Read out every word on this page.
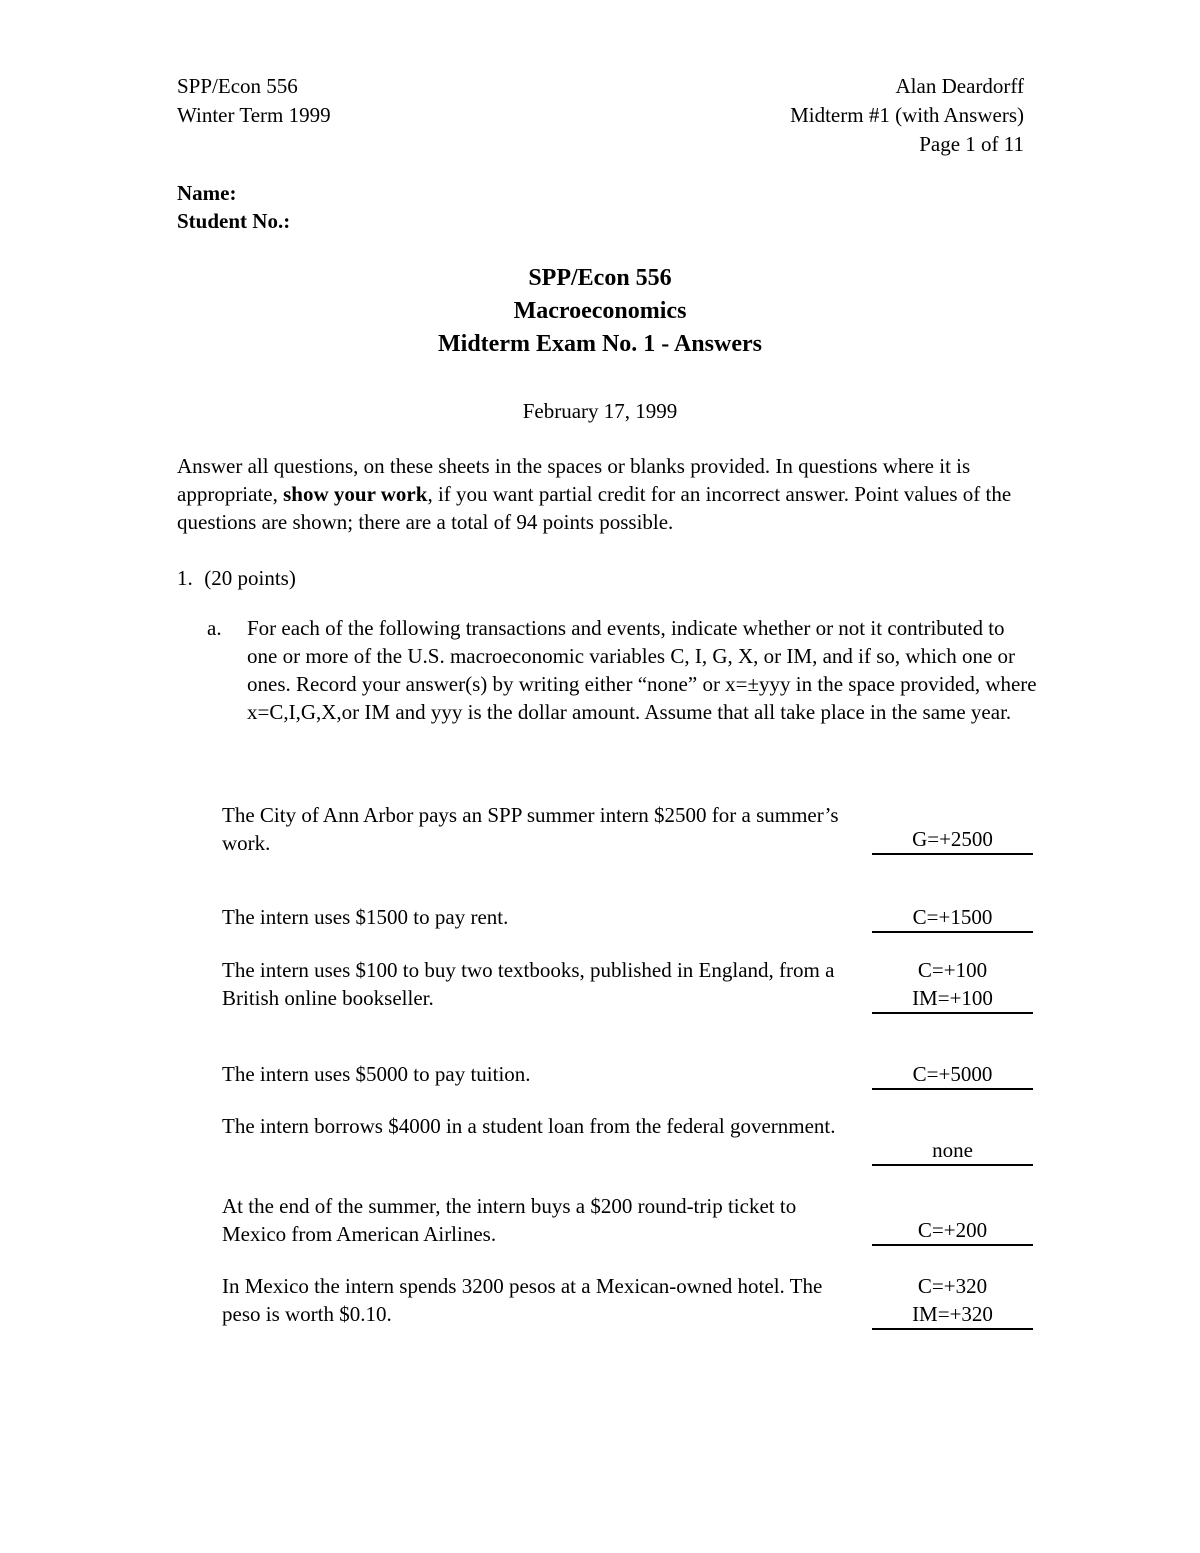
SPP/Econ 556
Winter Term 1999
Alan Deardorff
Midterm #1 (with Answers)
Page 1 of 11
Name:
Student No.:
SPP/Econ 556
Macroeconomics
Midterm Exam No. 1 - Answers
February 17, 1999
Answer all questions, on these sheets in the spaces or blanks provided. In questions where it is appropriate, show your work, if you want partial credit for an incorrect answer. Point values of the questions are shown; there are a total of 94 points possible.
1. (20 points)
a. For each of the following transactions and events, indicate whether or not it contributed to one or more of the U.S. macroeconomic variables C, I, G, X, or IM, and if so, which one or ones. Record your answer(s) by writing either “none” or x=±yyy in the space provided, where x=C,I,G,X,or IM and yyy is the dollar amount. Assume that all take place in the same year.
The City of Ann Arbor pays an SPP summer intern $2500 for a summer’s work.	G=+2500
The intern uses $1500 to pay rent.	C=+1500
The intern uses $100 to buy two textbooks, published in England, from a British online bookseller.
C=+100
IM=+100
The intern uses $5000 to pay tuition.	C=+5000
The intern borrows $4000 in a student loan from the federal government.
none
At the end of the summer, the intern buys a $200 round-trip ticket to Mexico from American Airlines.	C=+200
In Mexico the intern spends 3200 pesos at a Mexican-owned hotel. The peso is worth $0.10.
C=+320
IM=+320
